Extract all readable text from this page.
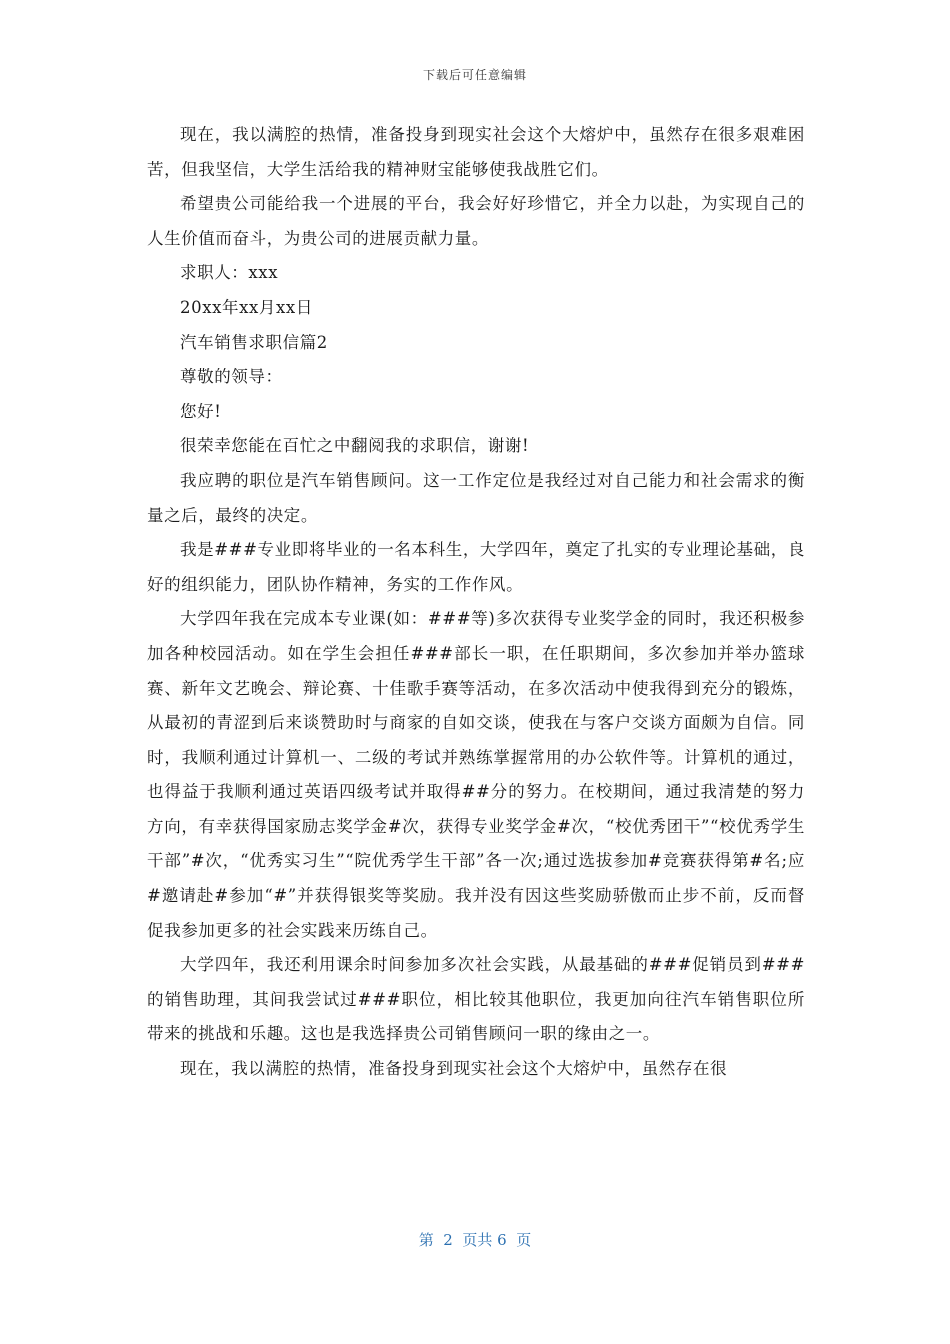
下载后可任意编辑

现在，我以满腔的热情，准备投身到现实社会这个大熔炉中，虽然存在很多艰难困苦，但我坚信，大学生活给我的精神财宝能够使我战胜它们。

希望贵公司能给我一个进展的平台，我会好好珍惜它，并全力以赴，为实现自己的人生价值而奋斗，为贵公司的进展贡献力量。

求职人：xxx

20xx年xx月xx日

汽车销售求职信篇2

尊敬的领导：

您好!

很荣幸您能在百忙之中翻阅我的求职信，谢谢!

我应聘的职位是汽车销售顾问。这一工作定位是我经过对自己能力和社会需求的衡量之后，最终的决定。

我是###专业即将毕业的一名本科生，大学四年，奠定了扎实的专业理论基础，良好的组织能力，团队协作精神，务实的工作作风。

大学四年我在完成本专业课(如：###等)多次获得专业奖学金的同时，我还积极参加各种校园活动。如在学生会担任###部长一职，在任职期间，多次参加并举办篮球赛、新年文艺晚会、辩论赛、十佳歌手赛等活动，在多次活动中使我得到充分的锻炼，从最初的青涩到后来谈赞助时与商家的自如交谈，使我在与客户交谈方面颇为自信。同时，我顺利通过计算机一、二级的考试并熟练掌握常用的办公软件等。计算机的通过，也得益于我顺利通过英语四级考试并取得##分的努力。在校期间，通过我清楚的努力方向，有幸获得国家励志奖学金#次，获得专业奖学金#次，“校优秀团干”“校优秀学生干部”#次，“优秀实习生”“院优秀学生干部”各一次;通过选拔参加#竞赛获得第#名;应#邀请赴#参加“#”并获得银奖等奖励。我并没有因这些奖励骄傲而止步不前，反而督促我参加更多的社会实践来历练自己。

大学四年，我还利用课余时间参加多次社会实践，从最基础的###促销员到###的销售助理，其间我尝试过###职位，相比较其他职位，我更加向往汽车销售职位所带来的挑战和乐趣。这也是我选择贵公司销售顾问一职的缘由之一。

现在，我以满腔的热情，准备投身到现实社会这个大熔炉中，虽然存在很

第  2  页共 6  页
